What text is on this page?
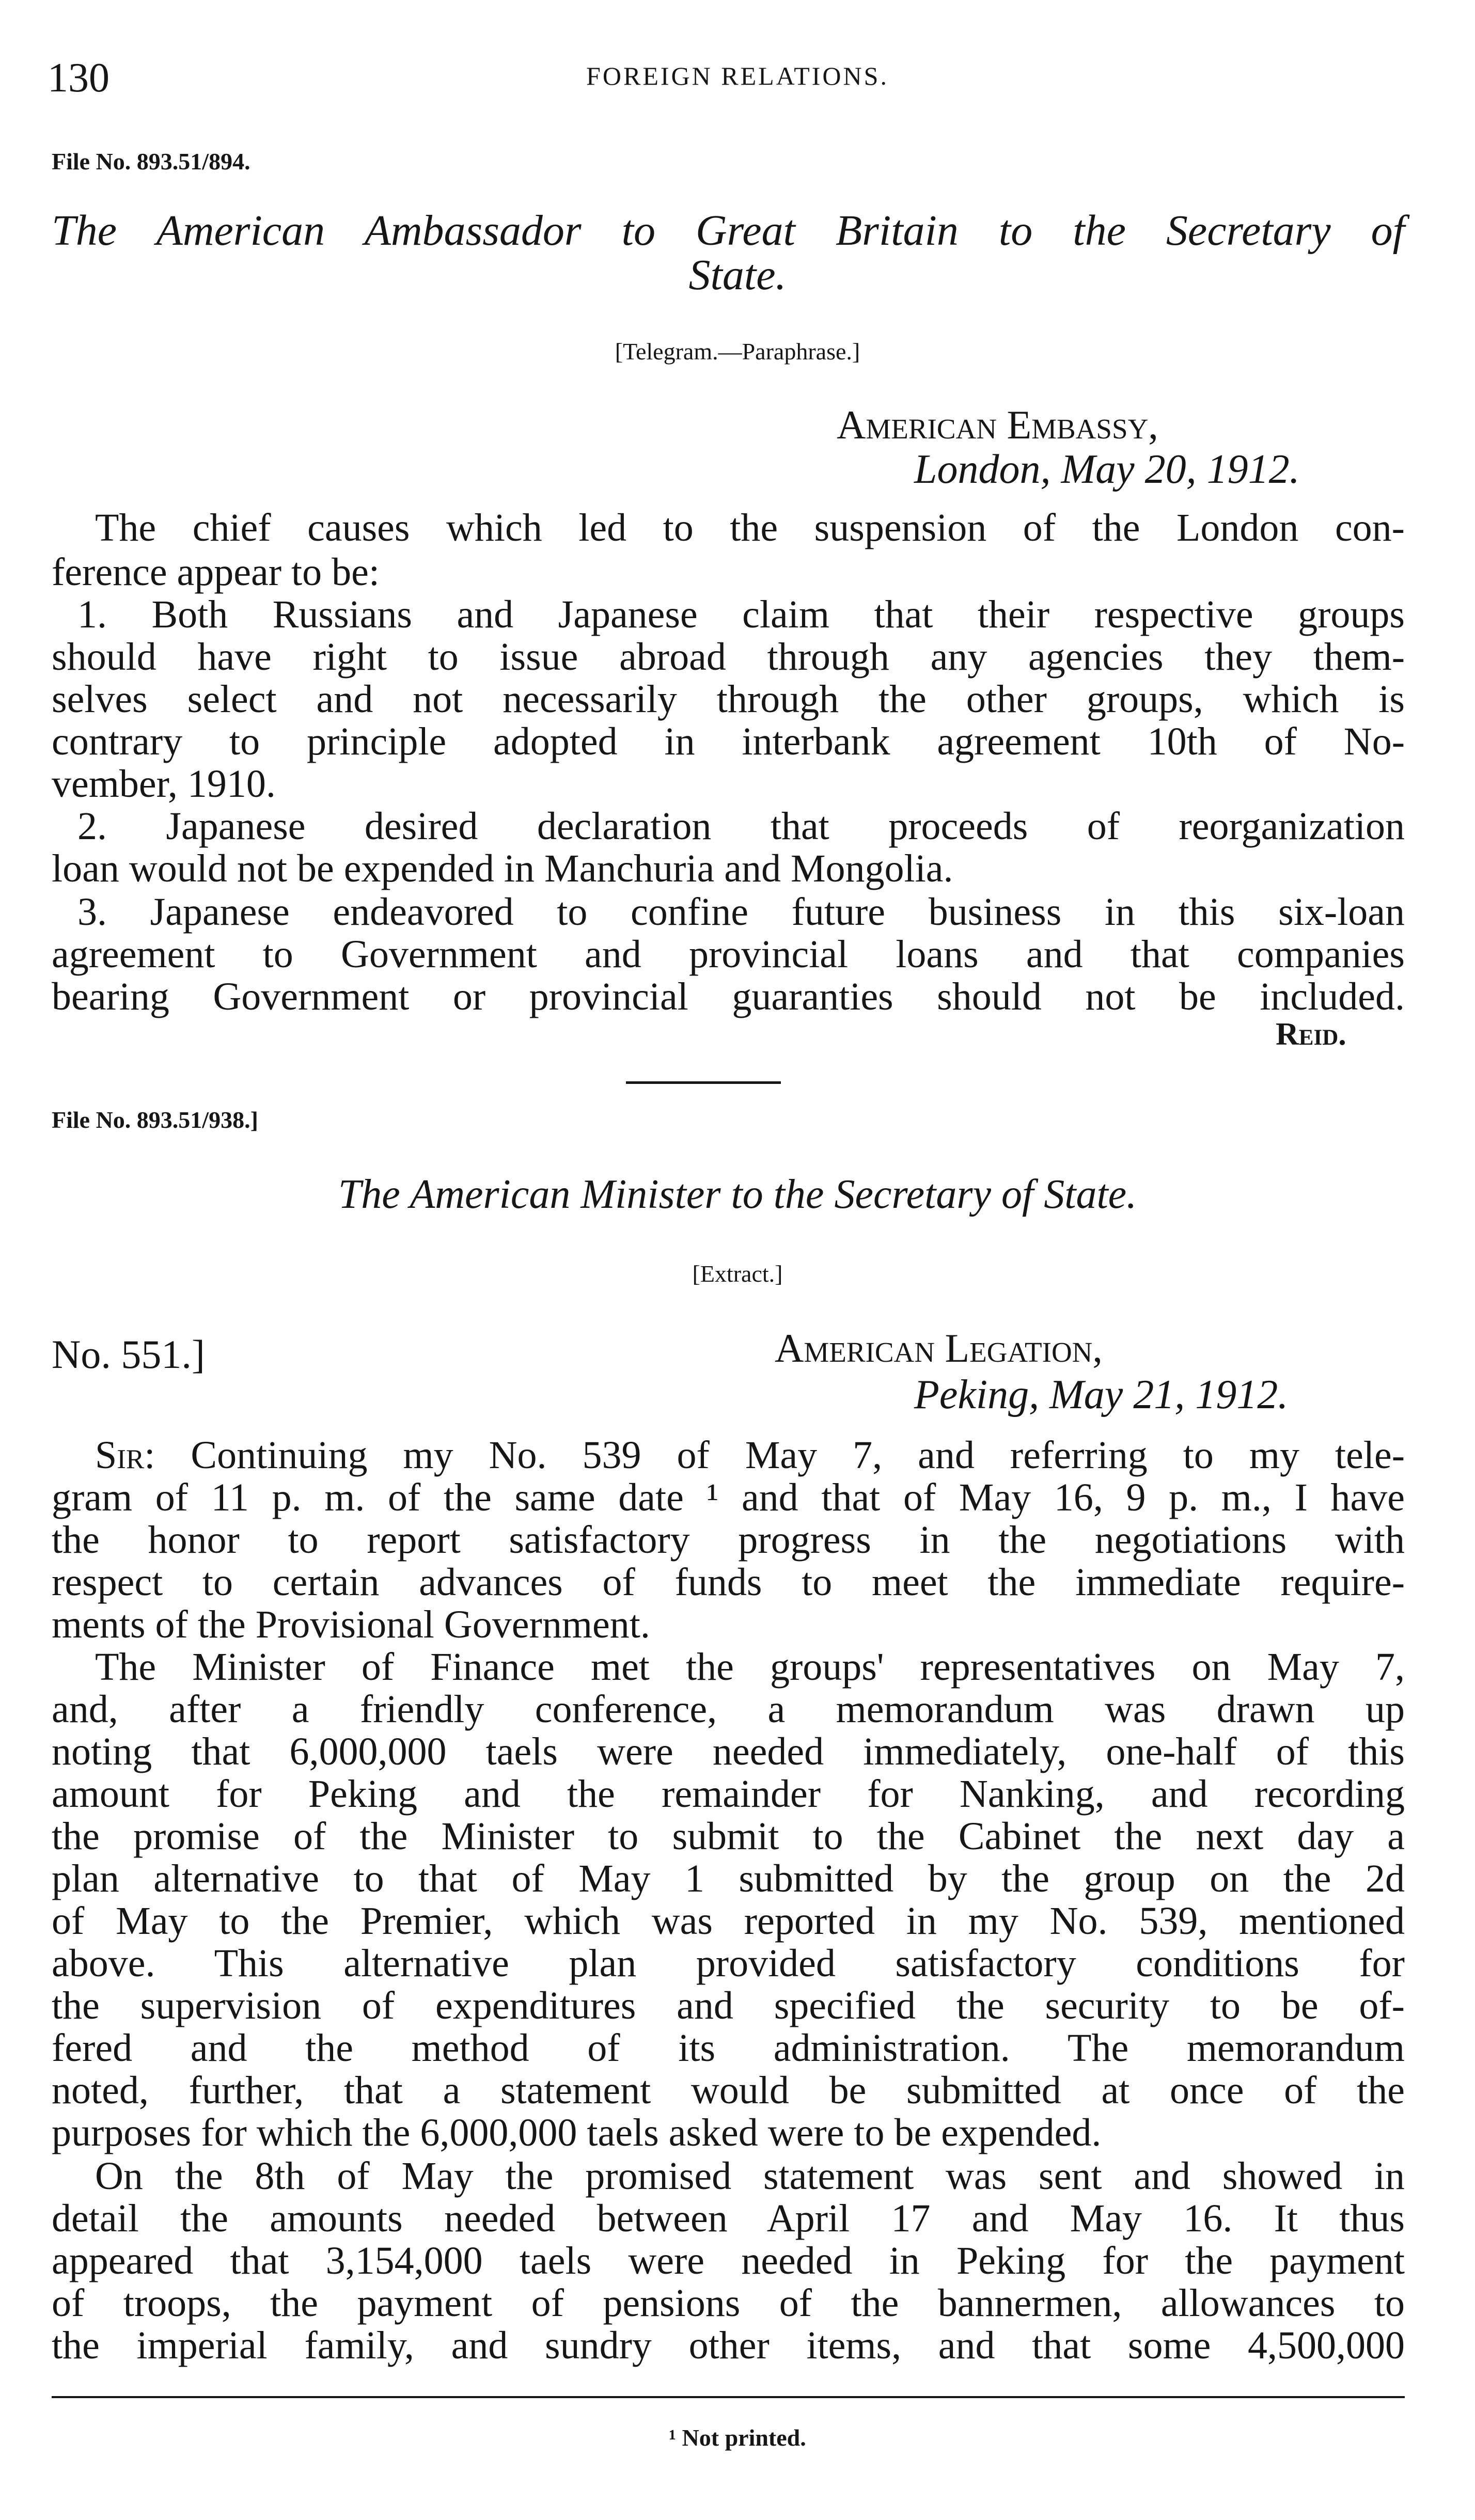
130	FOREIGN RELATIONS.
File No. 893.51/894.
The American Ambassador to Great Britain to the Secretary of
State.
[Telegram.—Paraphrase.]
American Embassy,
London, May 20, 1912.
The chief causes which led to the suspension of the London con-
ference appear to be:
1. Both Russians and Japanese claim that their respective groups
should have right to issue abroad through any agencies they them-
selves select and not necessarily through the other groups, which is
contrary to principle adopted in interbank agreement 10th of No-
vember, 1910.
2. Japanese desired declaration that proceeds of reorganization
loan would not be expended in Manchuria and Mongolia.
3. Japanese endeavored to confine future business in this six-loan
agreement to Government and provincial loans and that companies
bearing Government or provincial guaranties should not be included.
Reid.
File No. 893.51/938.]
The American Minister to the Secretary of State.
[Extract.]
No. 551.]	American Legation,
Peking, May 21, 1912.
Sir: Continuing my No. 539 of May 7, and referring to my tele-
gram of 11 p. m. of the same date ¹ and that of May 16, 9 p. m., I have
the honor to report satisfactory progress in the negotiations with
respect to certain advances of funds to meet the immediate require-
ments of the Provisional Government.
The Minister of Finance met the groups' representatives on May 7,
and, after a friendly conference, a memorandum was drawn up
noting that 6,000,000 taels were needed immediately, one-half of this
amount for Peking and the remainder for Nanking, and recording
the promise of the Minister to submit to the Cabinet the next day a
plan alternative to that of May 1 submitted by the group on the 2d
of May to the Premier, which was reported in my No. 539, mentioned
above. This alternative plan provided satisfactory conditions for
the supervision of expenditures and specified the security to be of-
fered and the method of its administration. The memorandum
noted, further, that a statement would be submitted at once of the
purposes for which the 6,000,000 taels asked were to be expended.
On the 8th of May the promised statement was sent and showed in
detail the amounts needed between April 17 and May 16. It thus
appeared that 3,154,000 taels were needed in Peking for the payment
of troops, the payment of pensions of the bannermen, allowances to
the imperial family, and sundry other items, and that some 4,500,000
¹ Not printed.
